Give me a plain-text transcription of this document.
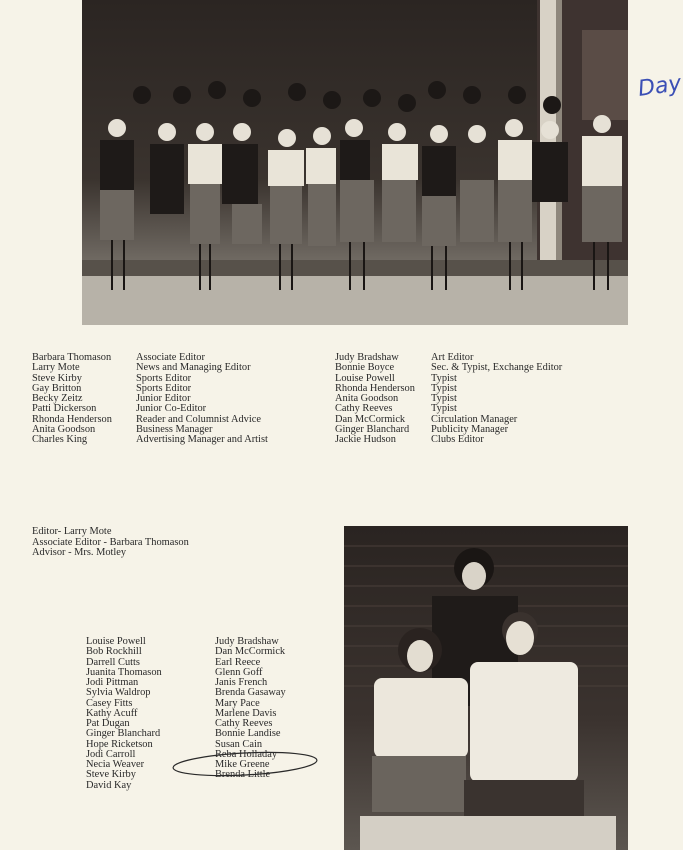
Day
Barbara Thomason	Associate Editor
Larry Mote	News and Managing Editor
Steve Kirby	Sports Editor
Gay Britton	Sports Editor
Becky Zeitz	Junior Editor
Patti Dickerson	Junior Co-Editor
Rhonda Henderson	Reader and Columnist Advice
Anita Goodson	Business Manager
Charles King	Advertising Manager and Artist
Judy Bradshaw	Art Editor
Bonnie Boyce	Sec. & Typist, Exchange Editor
Louise Powell	Typist
Rhonda Henderson	Typist
Anita Goodson	Typist
Cathy Reeves	Typist
Dan McCormick	Circulation Manager
Ginger Blanchard	Publicity Manager
Jackie Hudson	Clubs Editor
Editor- Larry Mote
Associate Editor - Barbara Thomason
Advisor - Mrs. Motley
Louise Powell
Bob Rockhill
Darrell Cutts
Juanita Thomason
Jodi Pittman
Sylvia Waldrop
Casey Fitts
Kathy Acuff
Pat Dugan
Ginger Blanchard
Hope Ricketson
Jodi Carroll
Necia Weaver
Steve Kirby
David Kay
Judy Bradshaw
Dan McCormick
Earl Reece
Glenn Goff
Janis French
Brenda Gasaway
Mary Pace
Marlene Davis
Cathy Reeves
Bonnie Landise
Susan Cain
Reba Holladay
Mike Greene
Brenda Little
